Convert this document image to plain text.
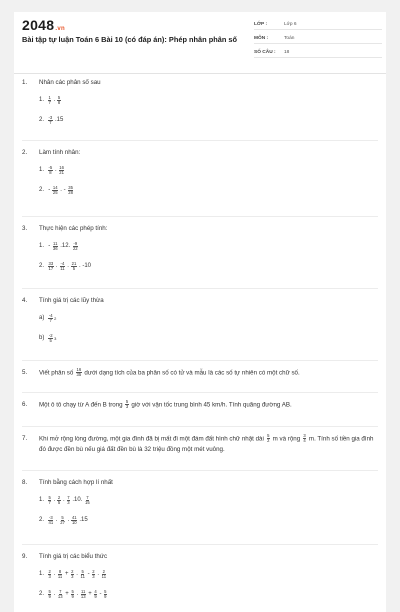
2048.vn
Bài tập tự luận Toán 6 Bài 10 (có đáp án): Phép nhân phân số
LỚP :	Lớp 6
MÔN :	Toán
SỐ CÂU :	18
1.	Nhân các phân số sau
1. $\frac{1}{7}$ . $\frac{5}{8}$
2. $\frac{-3}{7} .15$
2.	Làm tính nhân:
1. $\frac{-5}{8}$ . $\frac{16}{21}$
2. - $\frac{14}{25}$ . - $\frac{35}{28}$
3.	Thực hiện các phép tính:
1. - $\frac{11}{36} .12$. $\frac{-9}{22}$
2. $\frac{33}{17}$ . $\frac{-4}{11}$ . $\frac{21}{5}$ . -10
4.	Tính giá trị các lũy thừa
$a) \frac{-4}{7} 2$
$b) \frac{-2}{5} 3$
5.	Viết phân số $\frac{16}{35}$ dưới dạng tích của ba phân số có tử và mẫu là các số tự nhiên có một chữ số.
6.	Một ô tô chạy từ A đến B trong $\frac{5}{3}$ giờ với vận tốc trung bình 45 km/h. Tính quãng đường AB.
7.	Khi mở rộng lòng đường, một gia đình đã bị mất đi một đám đất hình chữ nhật dài $\frac{5}{2}$ m và rộng $\frac{3}{4} m$. Tính số tiền gia đình đó được đền bù nếu giá đất đền bù là 32 triệu đồng một mét vuông.
8.	Tính bằng cách hợp lí nhất
1. $\frac{5}{7}$ . $\frac{2}{5}$ . $\frac{7}{3} .10$. $\frac{7}{15}$
2. $\frac{-3}{41}$ . $\frac{5}{27}$ . $\frac{41}{10} .15$
9.	Tính giá trị các biểu thức
1. $\frac{2}{3}$ . $\frac{8}{11} + \frac{2}{3}$ . $\frac{5}{11} - \frac{2}{3}$ . $\frac{2}{11}$
2. $\frac{5}{9}$ . $\frac{7}{13} + \frac{5}{9}$ . $\frac{11}{13} + \frac{4}{9} - \frac{5}{9}$
